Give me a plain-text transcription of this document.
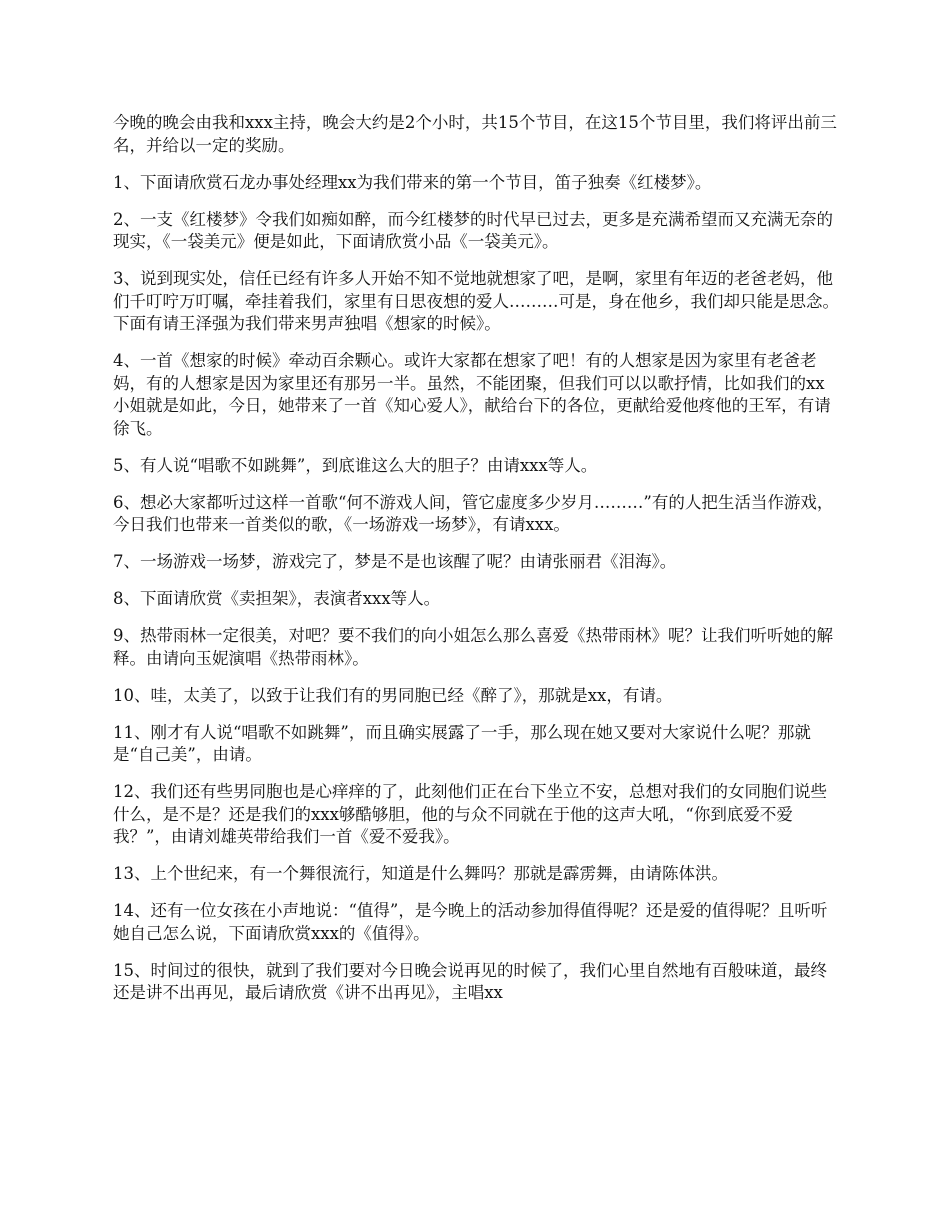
今晚的晚会由我和xxx主持，晚会大约是2个小时，共15个节目，在这15个节目里，我们将评出前三名，并给以一定的奖励。

1、下面请欣赏石龙办事处经理xx为我们带来的第一个节目，笛子独奏《红楼梦》。

2、一支《红楼梦》令我们如痴如醉，而今红楼梦的时代早已过去，更多是充满希望而又充满无奈的现实，《一袋美元》便是如此，下面请欣赏小品《一袋美元》。

3、说到现实处，信任已经有许多人开始不知不觉地就想家了吧，是啊，家里有年迈的老爸老妈，他们千叮咛万叮嘱，牵挂着我们，家里有日思夜想的爱人………可是，身在他乡，我们却只能是思念。下面有请王泽强为我们带来男声独唱《想家的时候》。

4、一首《想家的时候》牵动百余颗心。或许大家都在想家了吧！有的人想家是因为家里有老爸老妈，有的人想家是因为家里还有那另一半。虽然，不能团聚，但我们可以以歌抒情，比如我们的xx小姐就是如此，今日，她带来了一首《知心爱人》，献给台下的各位，更献给爱他疼他的王军，有请徐飞。

5、有人说“唱歌不如跳舞”，到底谁这么大的胆子？由请xxx等人。

6、想必大家都听过这样一首歌“何不游戏人间，管它虚度多少岁月………”有的人把生活当作游戏，今日我们也带来一首类似的歌，《一场游戏一场梦》，有请xxx。

7、一场游戏一场梦，游戏完了，梦是不是也该醒了呢？由请张丽君《泪海》。

8、下面请欣赏《卖担架》，表演者xxx等人。

9、热带雨林一定很美，对吧？要不我们的向小姐怎么那么喜爱《热带雨林》呢？让我们听听她的解释。由请向玉妮演唱《热带雨林》。

10、哇，太美了，以致于让我们有的男同胞已经《醉了》，那就是xx，有请。

11、刚才有人说“唱歌不如跳舞”，而且确实展露了一手，那么现在她又要对大家说什么呢？那就是“自己美”，由请。

12、我们还有些男同胞也是心痒痒的了，此刻他们正在台下坐立不安，总想对我们的女同胞们说些什么，是不是？还是我们的xxx够酷够胆，他的与众不同就在于他的这声大吼，“你到底爱不爱我？”，由请刘雄英带给我们一首《爱不爱我》。

13、上个世纪来，有一个舞很流行，知道是什么舞吗？那就是霹雳舞，由请陈体洪。

14、还有一位女孩在小声地说：“值得”，是今晚上的活动参加得值得呢？还是爱的值得呢？且听听她自己怎么说，下面请欣赏xxx的《值得》。

15、时间过的很快，就到了我们要对今日晚会说再见的时候了，我们心里自然地有百般味道，最终还是讲不出再见，最后请欣赏《讲不出再见》，主唱xx
